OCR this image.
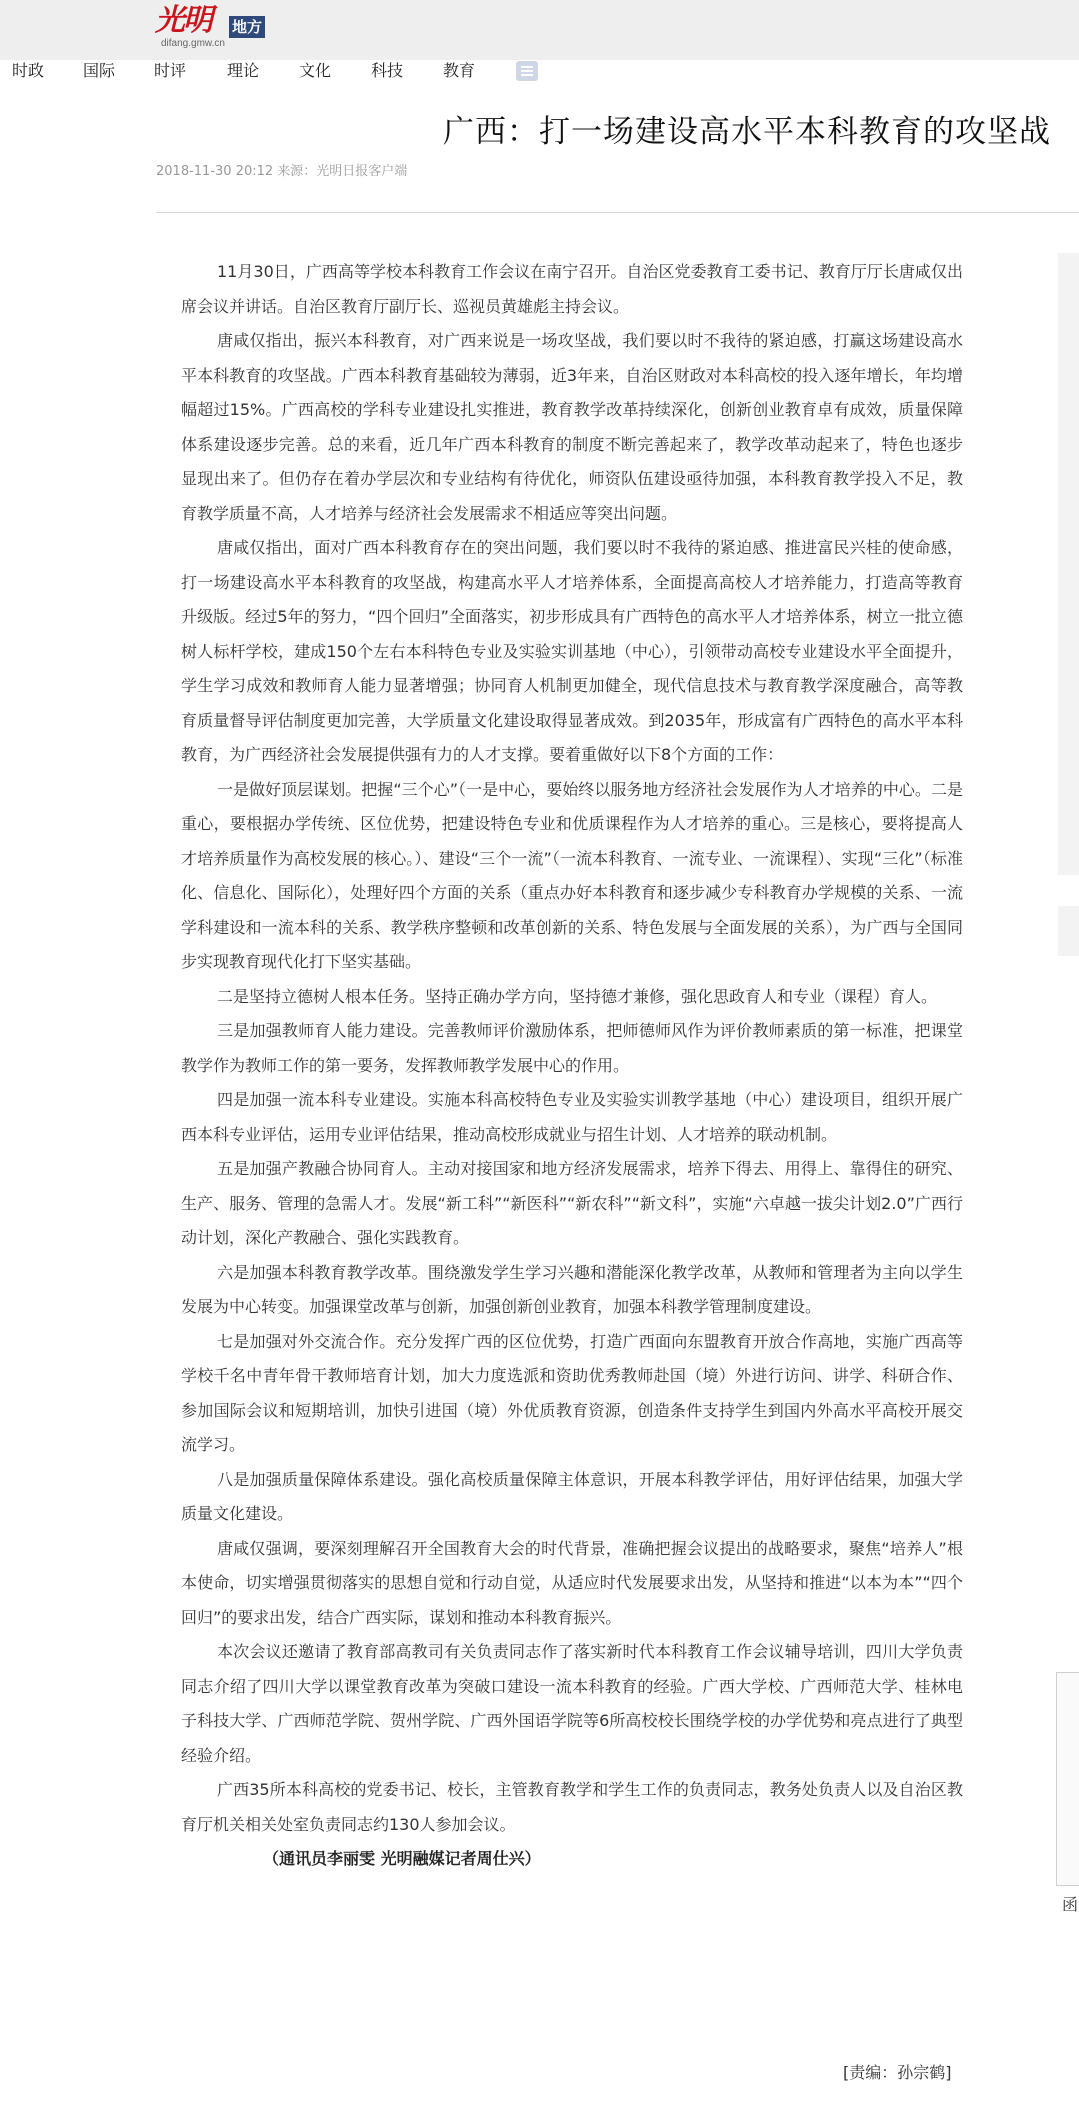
光明 地方
difang.gmw.cn
时政 国际 时评	理论 文化 科技 教育
广西：打一场建设高水平本科教育的攻坚战
2018-11-30 20:12 来源：光明日报客户端
函

11月30日，广西高等学校本科教育工作会议在南宁召开。自治区党委教育工委书记、教育厅厅长唐咸仅出席会议并讲话。自治区教育厅副厅长、巡视员黄雄彪主持会议。

唐咸仅指出，振兴本科教育，对广西来说是一场攻坚战，我们要以时不我待的紧迫感，打赢这场建设高水平本科教育的攻坚战。广西本科教育基础较为薄弱，近3年来，自治区财政对本科高校的投入逐年增长，年均增幅超过15%。广西高校的学科专业建设扎实推进，教育教学改革持续深化，创新创业教育卓有成效，质量保障体系建设逐步完善。总的来看，近几年广西本科教育的制度不断完善起来了，教学改革动起来了，特色也逐步显现出来了。但仍存在着办学层次和专业结构有待优化，师资队伍建设亟待加强，本科教育教学投入不足，教育教学质量不高，人才培养与经济社会发展需求不相适应等突出问题。

唐咸仅指出，面对广西本科教育存在的突出问题，我们要以时不我待的紧迫感、推进富民兴桂的使命感，打一场建设高水平本科教育的攻坚战，构建高水平人才培养体系，全面提高高校人才培养能力，打造高等教育升级版。经过5年的努力，“四个回归”全面落实，初步形成具有广西特色的高水平人才培养体系，树立一批立德树人标杆学校，建成150个左右本科特色专业及实验实训基地（中心），引领带动高校专业建设水平全面提升，学生学习成效和教师育人能力显著增强；协同育人机制更加健全，现代信息技术与教育教学深度融合，高等教育质量督导评估制度更加完善，大学质量文化建设取得显著成效。到2035年，形成富有广西特色的高水平本科教育，为广西经济社会发展提供强有力的人才支撑。要着重做好以下8个方面的工作：

一是做好顶层谋划。把握“三个心”（一是中心，要始终以服务地方经济社会发展作为人才培养的中心。二是重心，要根据办学传统、区位优势，把建设特色专业和优质课程作为人才培养的重心。三是核心，要将提高人才培养质量作为高校发展的核心。）、建设“三个一流”（一流本科教育、一流专业、一流课程）、实现“三化”（标准化、信息化、国际化），处理好四个方面的关系（重点办好本科教育和逐步减少专科教育办学规模的关系、一流学科建设和一流本科的关系、教学秩序整顿和改革创新的关系、特色发展与全面发展的关系），为广西与全国同步实现教育现代化打下坚实基础。

二是坚持立德树人根本任务。坚持正确办学方向，坚持德才兼修，强化思政育人和专业（课程）育人。

三是加强教师育人能力建设。完善教师评价激励体系，把师德师风作为评价教师素质的第一标准，把课堂教学作为教师工作的第一要务，发挥教师教学发展中心的作用。

四是加强一流本科专业建设。实施本科高校特色专业及实验实训教学基地（中心）建设项目，组织开展广西本科专业评估，运用专业评估结果，推动高校形成就业与招生计划、人才培养的联动机制。

五是加强产教融合协同育人。主动对接国家和地方经济发展需求，培养下得去、用得上、靠得住的研究、生产、服务、管理的急需人才。发展“新工科”“新医科”“新农科”“新文科”，实施“六卓越一拔尖计划2.0”广西行动计划，深化产教融合、强化实践教育。

六是加强本科教育教学改革。围绕激发学生学习兴趣和潜能深化教学改革，从教师和管理者为主向以学生发展为中心转变。加强课堂改革与创新，加强创新创业教育，加强本科教学管理制度建设。

七是加强对外交流合作。充分发挥广西的区位优势，打造广西面向东盟教育开放合作高地，实施广西高等学校千名中青年骨干教师培育计划，加大力度选派和资助优秀教师赴国（境）外进行访问、讲学、科研合作、参加国际会议和短期培训，加快引进国（境）外优质教育资源，创造条件支持学生到国内外高水平高校开展交流学习。

八是加强质量保障体系建设。强化高校质量保障主体意识，开展本科教学评估，用好评估结果，加强大学质量文化建设。

唐咸仅强调，要深刻理解召开全国教育大会的时代背景，准确把握会议提出的战略要求，聚焦“培养人”根本使命，切实增强贯彻落实的思想自觉和行动自觉，从适应时代发展要求出发，从坚持和推进“以本为本”“四个回归”的要求出发，结合广西实际，谋划和推动本科教育振兴。

本次会议还邀请了教育部高教司有关负责同志作了落实新时代本科教育工作会议辅导培训，四川大学负责同志介绍了四川大学以课堂教育改革为突破口建设一流本科教育的经验。广西大学校、广西师范大学、桂林电子科技大学、广西师范学院、贺州学院、广西外国语学院等6所高校校长围绕学校的办学优势和亮点进行了典型经验介绍。

广西35所本科高校的党委书记、校长，主管教育教学和学生工作的负责同志，教务处负责人以及自治区教育厅机关相关处室负责同志约130人参加会议。

（通讯员李丽雯 光明融媒记者周仕兴）

[责编：孙宗鹤]
